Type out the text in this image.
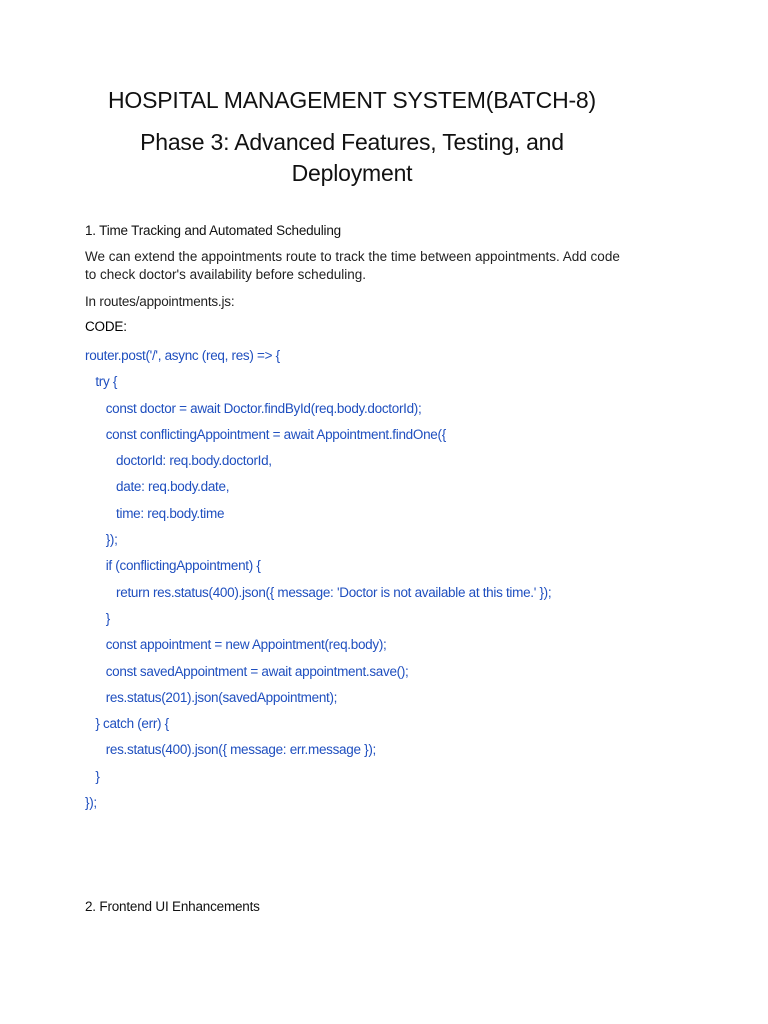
HOSPITAL MANAGEMENT SYSTEM(BATCH-8)
Phase 3: Advanced Features, Testing, and Deployment
1. Time Tracking and Automated Scheduling

We can extend the appointments route to track the time between appointments. Add code to check doctor's availability before scheduling.

In routes/appointments.js:

CODE:

router.post('/', async (req, res) => {
try {
const doctor = await Doctor.findById(req.body.doctorId);
const conflictingAppointment = await Appointment.findOne({
doctorId: req.body.doctorId,
date: req.body.date,
time: req.body.time
});
if (conflictingAppointment) {
return res.status(400).json({ message: 'Doctor is not available at this time.' });
}
const appointment = new Appointment(req.body);
const savedAppointment = await appointment.save();
res.status(201).json(savedAppointment);
} catch (err) {
res.status(400).json({ message: err.message });
}
});
2. Frontend UI Enhancements
